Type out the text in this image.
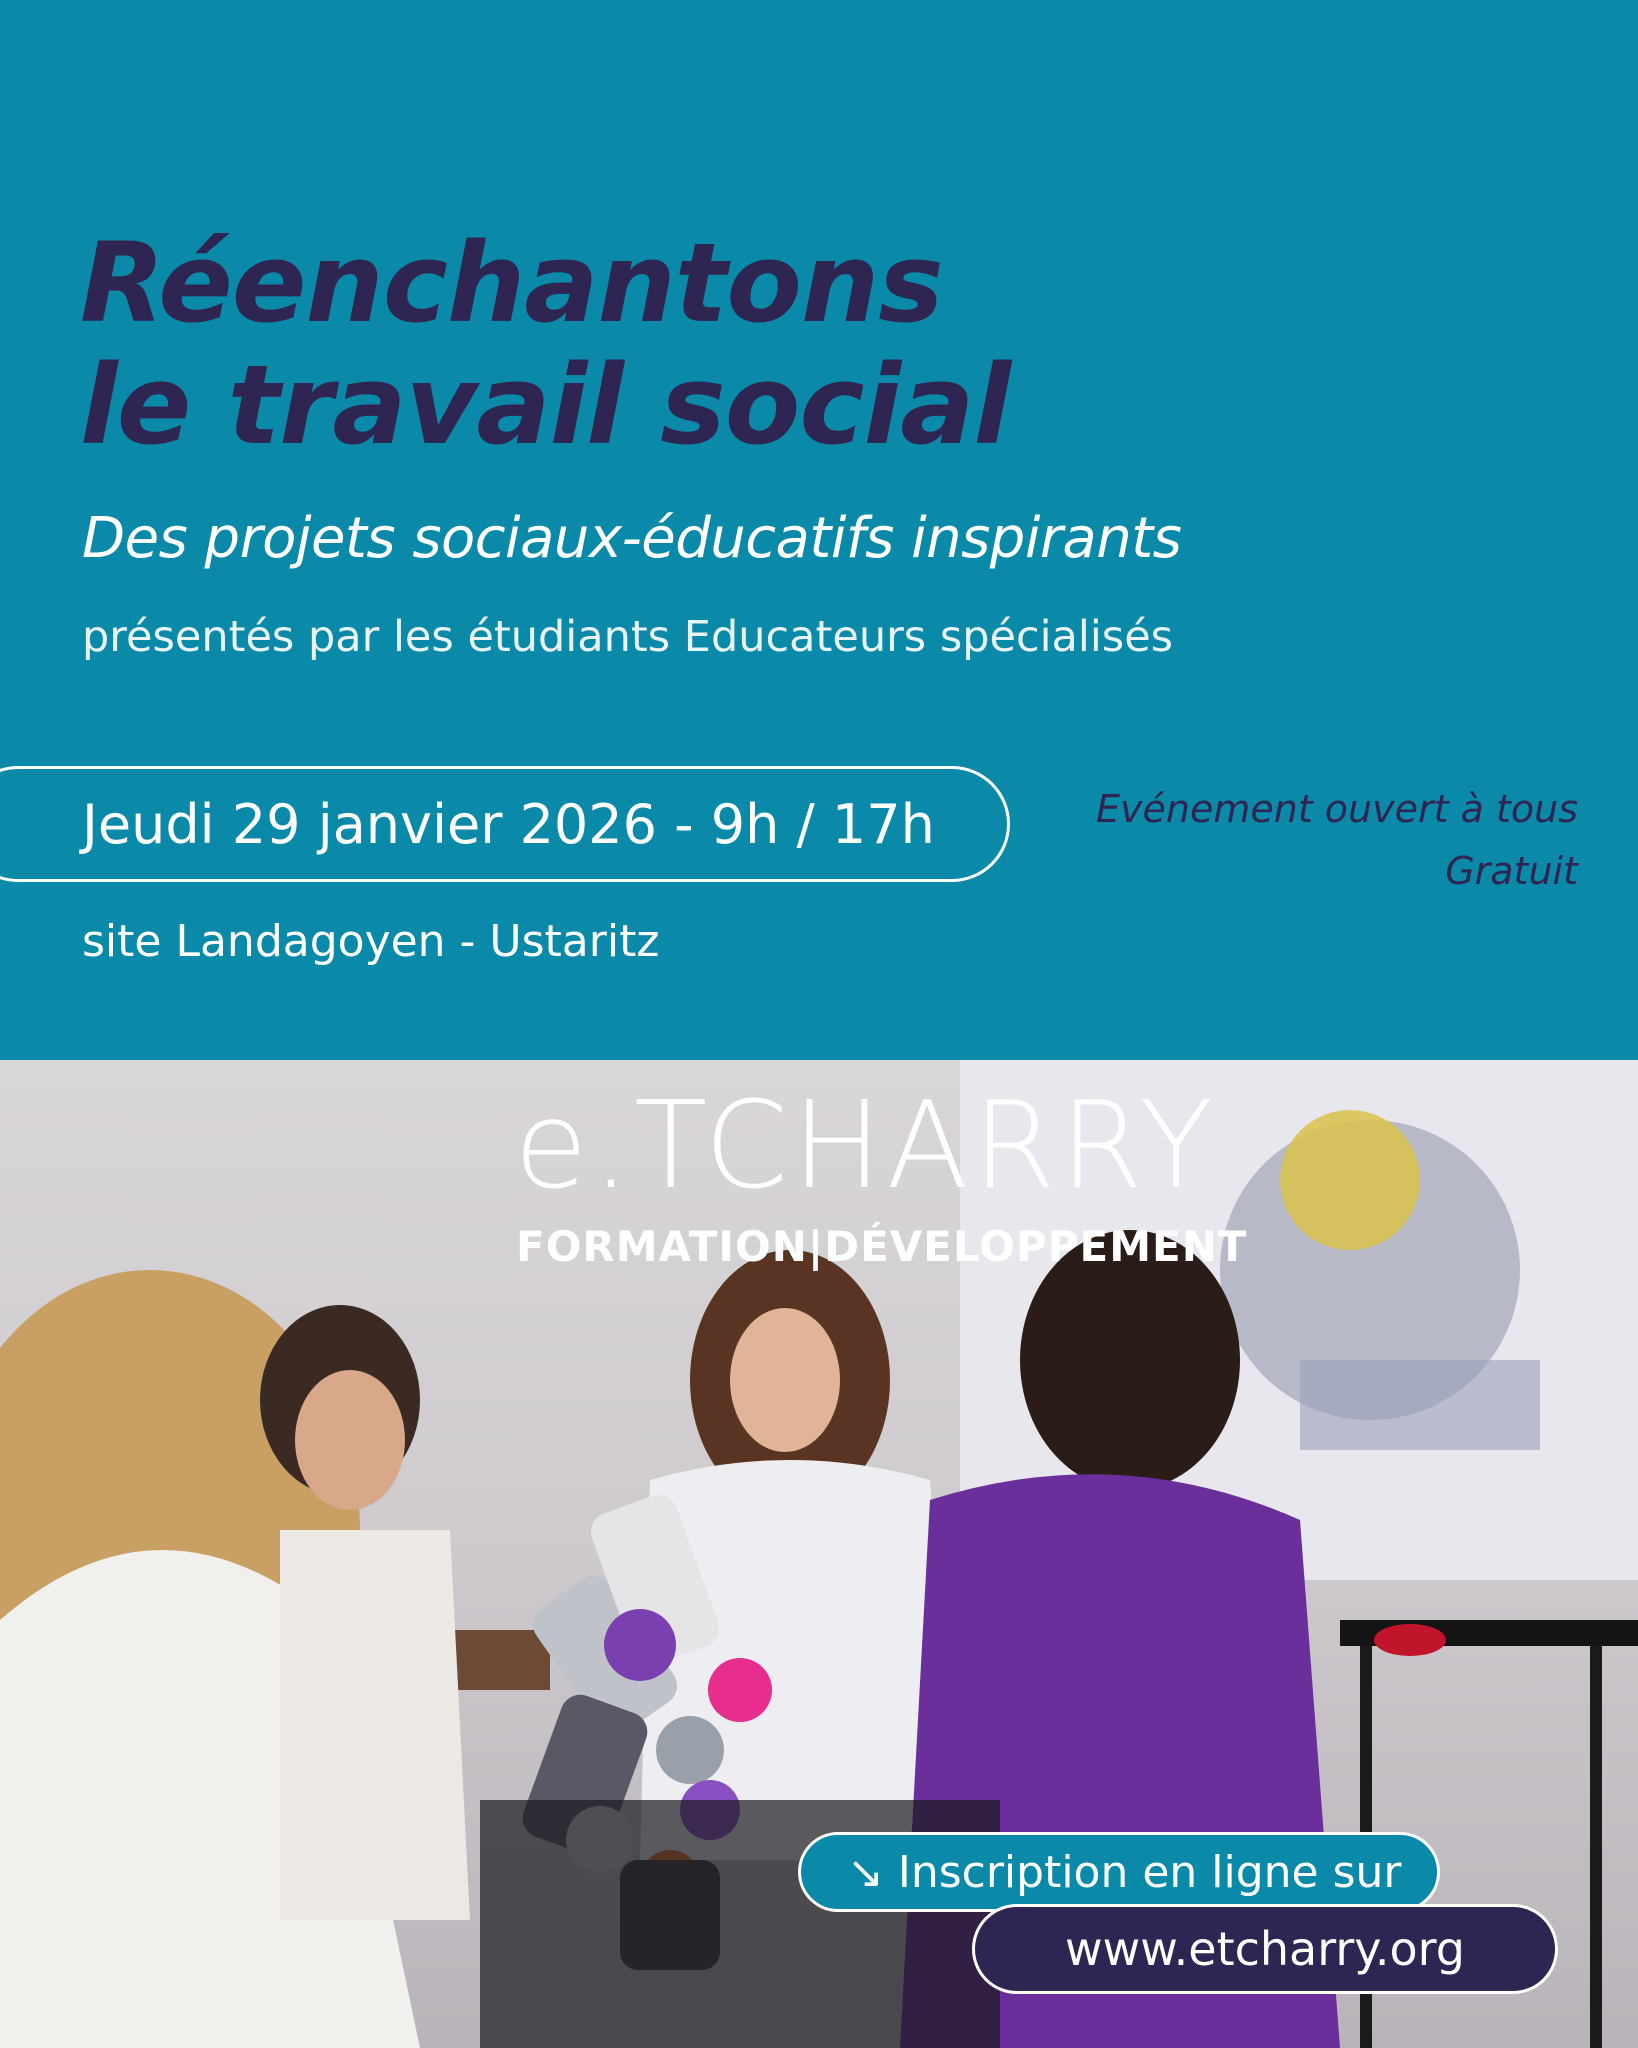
Réenchantons
le travail social
Des projets sociaux-éducatifs inspirants
présentés par les étudiants Educateurs spécialisés
Jeudi 29 janvier 2026 - 9h / 17h	Evénement ouvert à tous
Gratuit
site Landagoyen - Ustaritz
e.TCHARRY
FORMATION|DÉVELOPPEMENT
↘ Inscription en ligne sur
www.etcharry.org
